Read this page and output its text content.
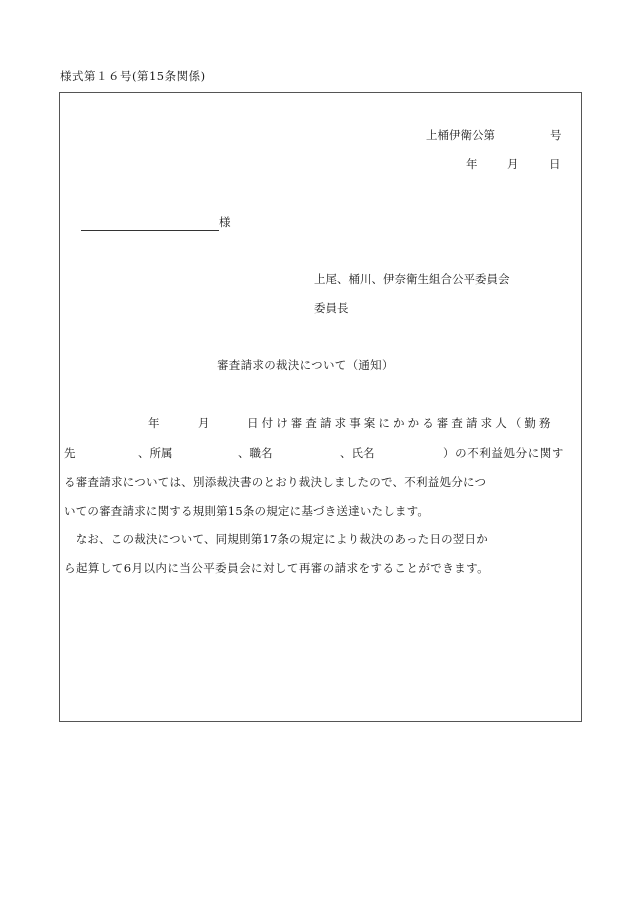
様式第１６号(第15条関係)
上桶伊衛公第	号
年	月	日
様
上尾、桶川、伊奈衛生組合公平委員会
委員長
審査請求の裁決について（通知）
年	月	日付け審査請求事案にかかる審査請求人（勤務
先	、所属	、職名	、氏名	）の不利益処分に関す
る審査請求については、別添裁決書のとおり裁決しましたので、不利益処分につ
いての審査請求に関する規則第15条の規定に基づき送達いたします。
　なお、この裁決について、同規則第17条の規定により裁決のあった日の翌日か
ら起算して6月以内に当公平委員会に対して再審の請求をすることができます。
